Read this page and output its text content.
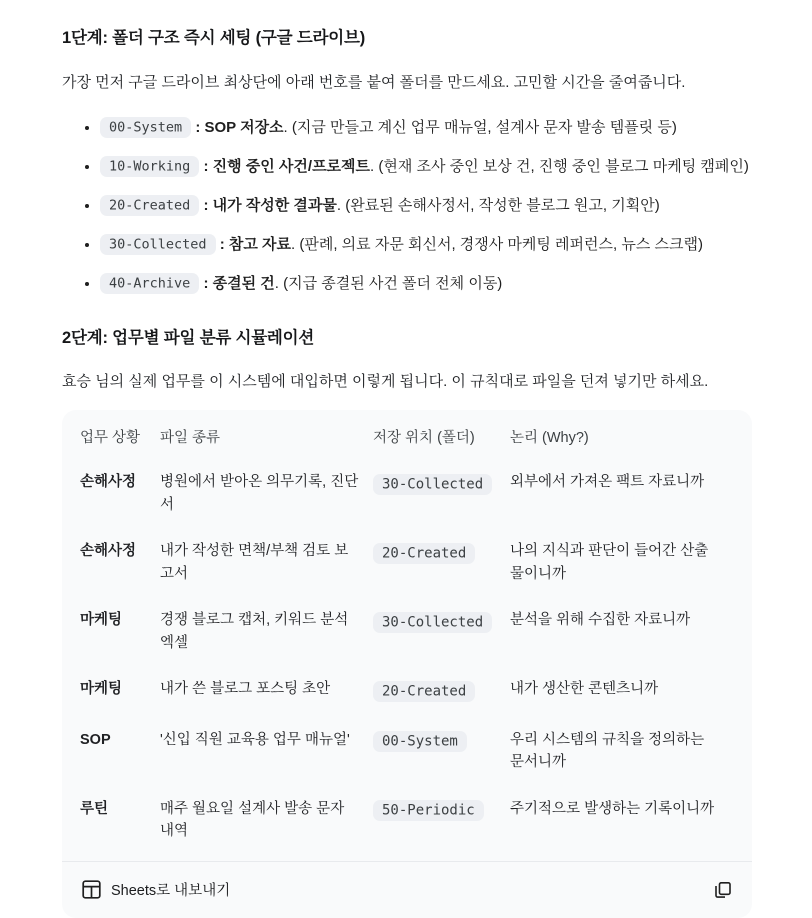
1단계: 폴더 구조 즉시 세팅 (구글 드라이브)

가장 먼저 구글 드라이브 최상단에 아래 번호를 붙여 폴더를 만드세요. 고민할 시간을 줄여줍니다.

• 00-System : SOP 저장소. (지금 만들고 계신 업무 매뉴얼, 설계사 문자 발송 템플릿 등)
• 10-Working : 진행 중인 사건/프로젝트. (현재 조사 중인 보상 건, 진행 중인 블로그 마케팅 캠페인)
• 20-Created : 내가 작성한 결과물. (완료된 손해사정서, 작성한 블로그 원고, 기획안)
• 30-Collected : 참고 자료. (판례, 의료 자문 회신서, 경쟁사 마케팅 레퍼런스, 뉴스 스크랩)
• 40-Archive : 종결된 건. (지급 종결된 사건 폴더 전체 이동)
2단계: 업무별 파일 분류 시뮬레이션

효승 님의 실제 업무를 이 시스템에 대입하면 이렇게 됩니다. 이 규칙대로 파일을 던져 넣기만 하세요.

업무 상황	파일 종류	저장 위치 (폴더)	논리 (Why?)
손해사정	병원에서 받아온 의무기록, 진단서	30-Collected	외부에서 가져온 팩트 자료니까
손해사정	내가 작성한 면책/부책 검토 보고서	20-Created	나의 지식과 판단이 들어간 산출물이니까
마케팅	경쟁 블로그 캡처, 키워드 분석 엑셀	30-Collected	분석을 위해 수집한 자료니까
마케팅	내가 쓴 블로그 포스팅 초안	20-Created	내가 생산한 콘텐츠니까
SOP	'신입 직원 교육용 업무 매뉴얼'	00-System	우리 시스템의 규칙을 정의하는 문서니까
루틴	매주 월요일 설계사 발송 문자 내역	50-Periodic	주기적으로 발생하는 기록이니까
Sheets로 내보내기
